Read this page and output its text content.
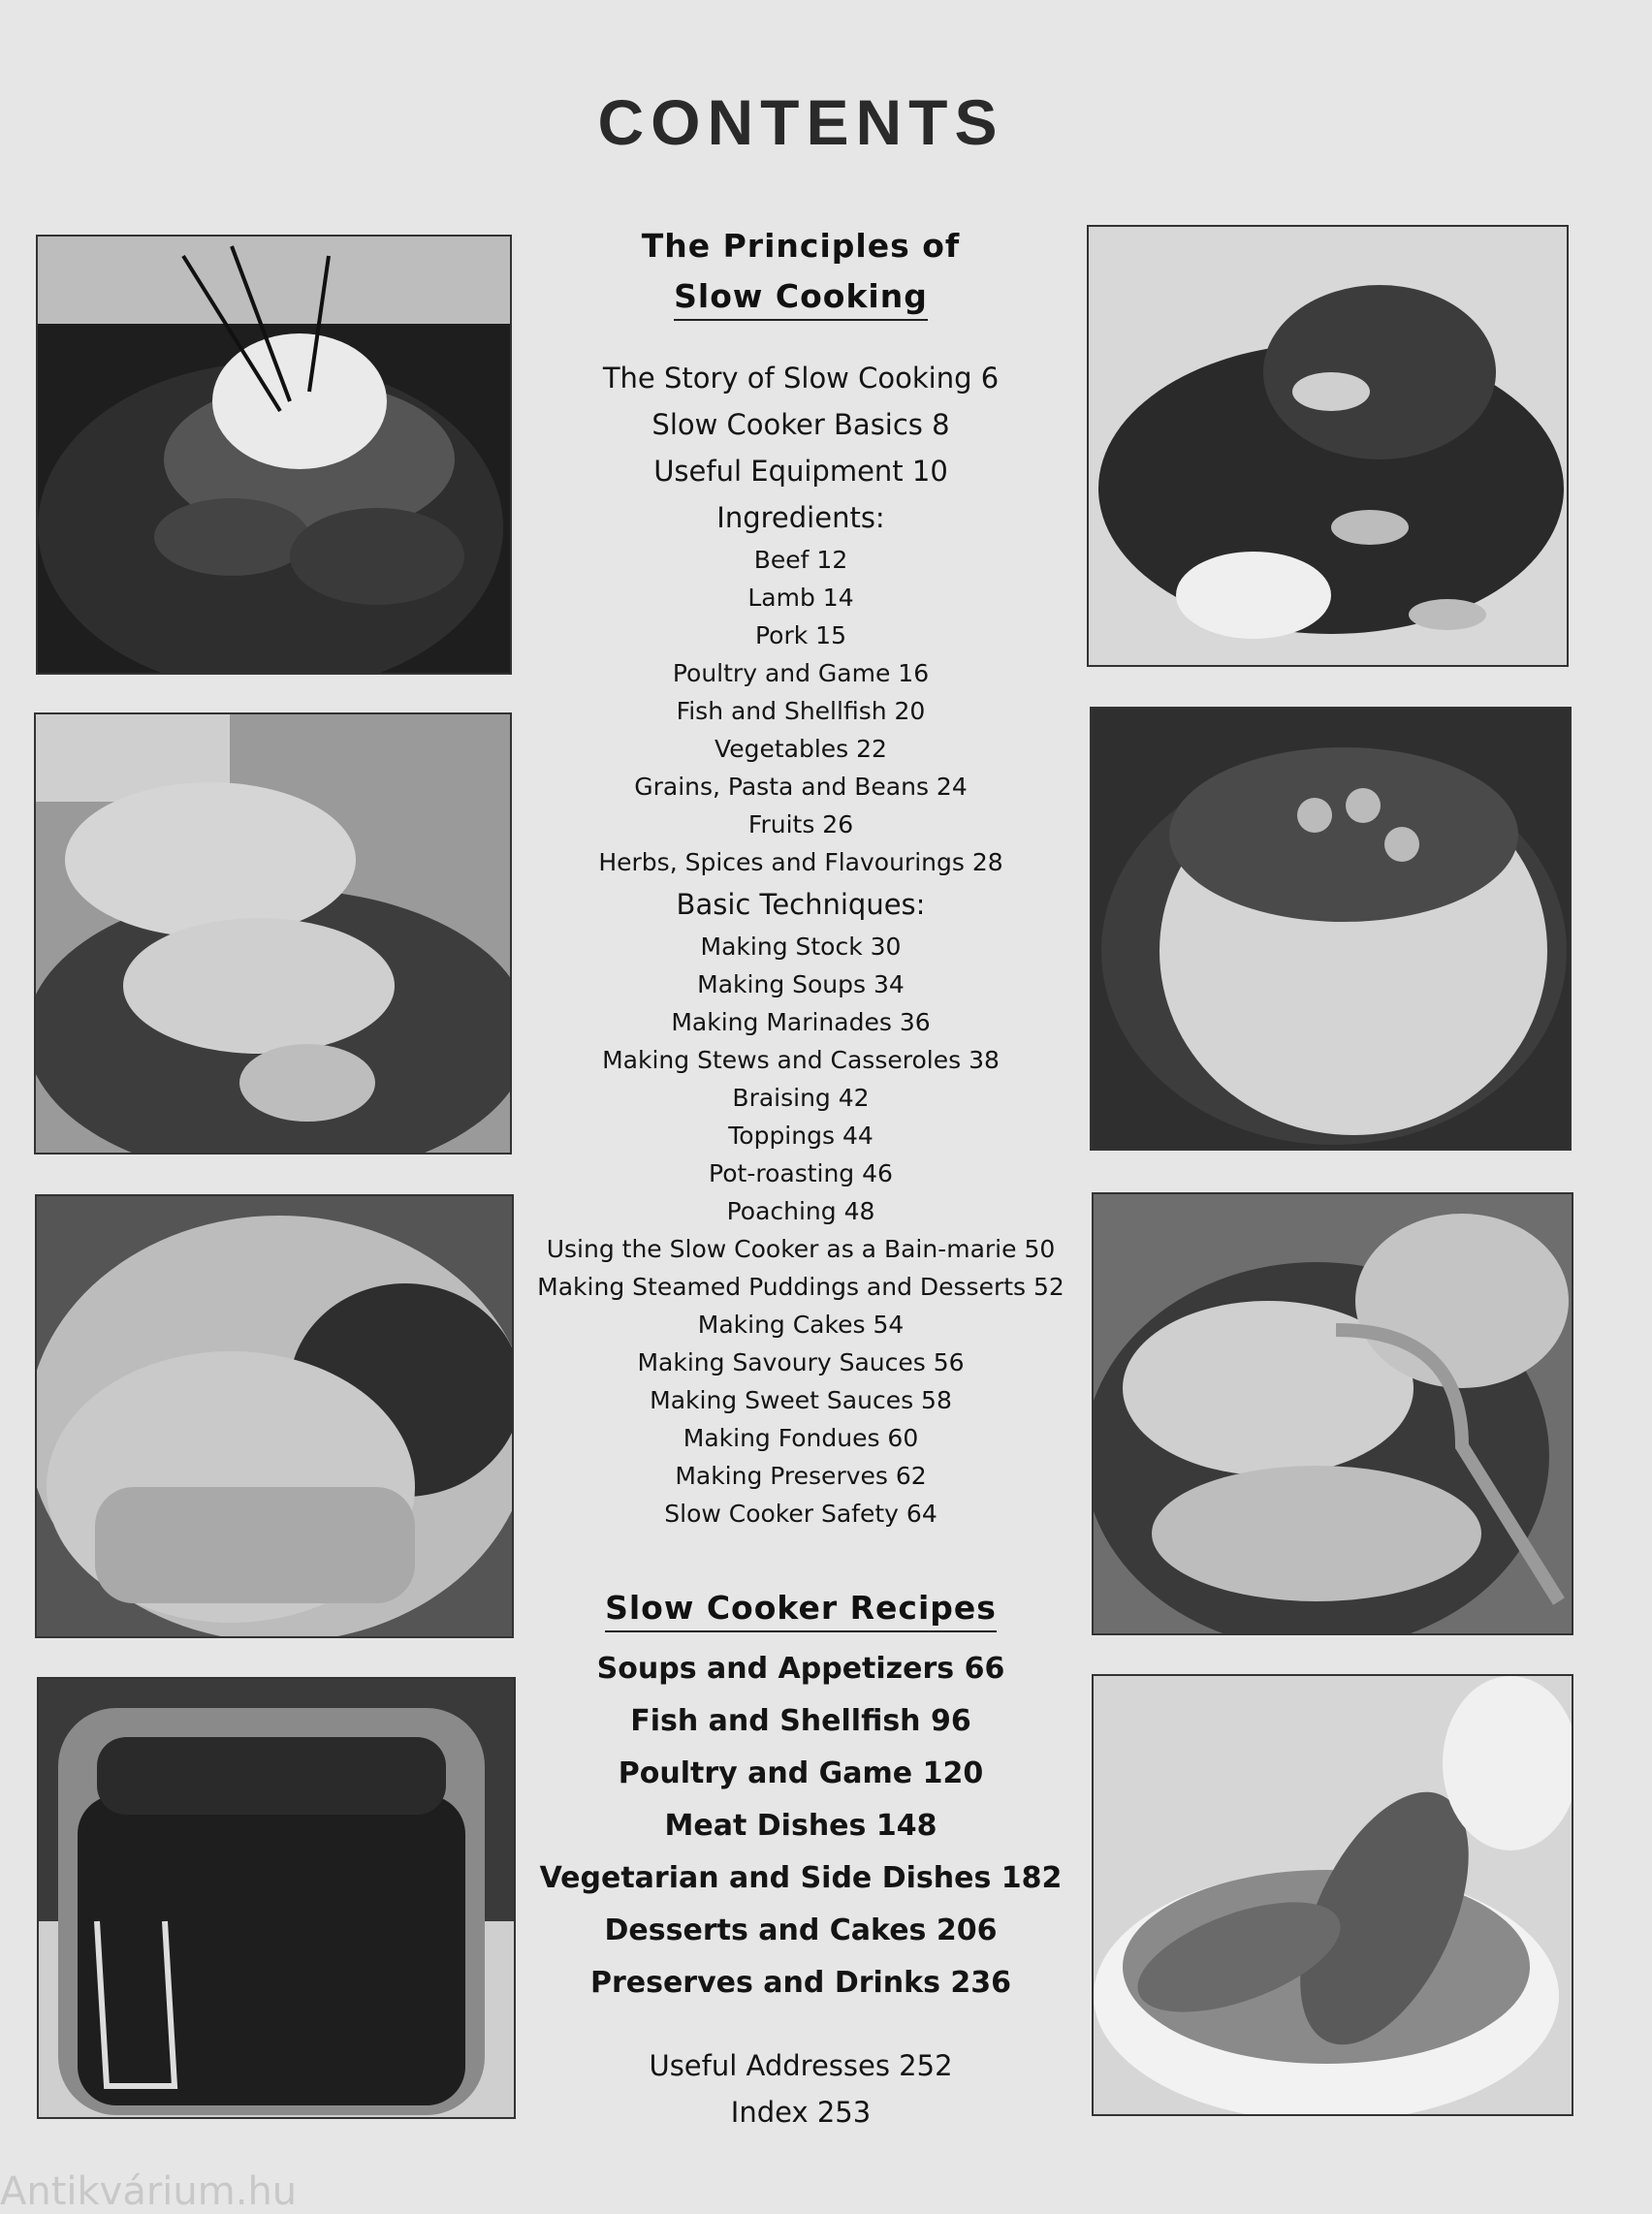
CONTENTS
The Principles of
Slow Cooking
The Story of Slow Cooking 6
Slow Cooker Basics 8
Useful Equipment 10
Ingredients:
Beef 12
Lamb 14
Pork 15
Poultry and Game 16
Fish and Shellfish 20
Vegetables 22
Grains, Pasta and Beans 24
Fruits 26
Herbs, Spices and Flavourings 28
Basic Techniques:
Making Stock 30
Making Soups 34
Making Marinades 36
Making Stews and Casseroles 38
Braising 42
Toppings 44
Pot-roasting 46
Poaching 48
Using the Slow Cooker as a Bain-marie 50
Making Steamed Puddings and Desserts 52
Making Cakes 54
Making Savoury Sauces 56
Making Sweet Sauces 58
Making Fondues 60
Making Preserves 62
Slow Cooker Safety 64
Slow Cooker Recipes
Soups and Appetizers 66
Fish and Shellfish 96
Poultry and Game 120
Meat Dishes 148
Vegetarian and Side Dishes 182
Desserts and Cakes 206
Preserves and Drinks 236
Useful Addresses 252
Index 253
Antikvárium.hu
